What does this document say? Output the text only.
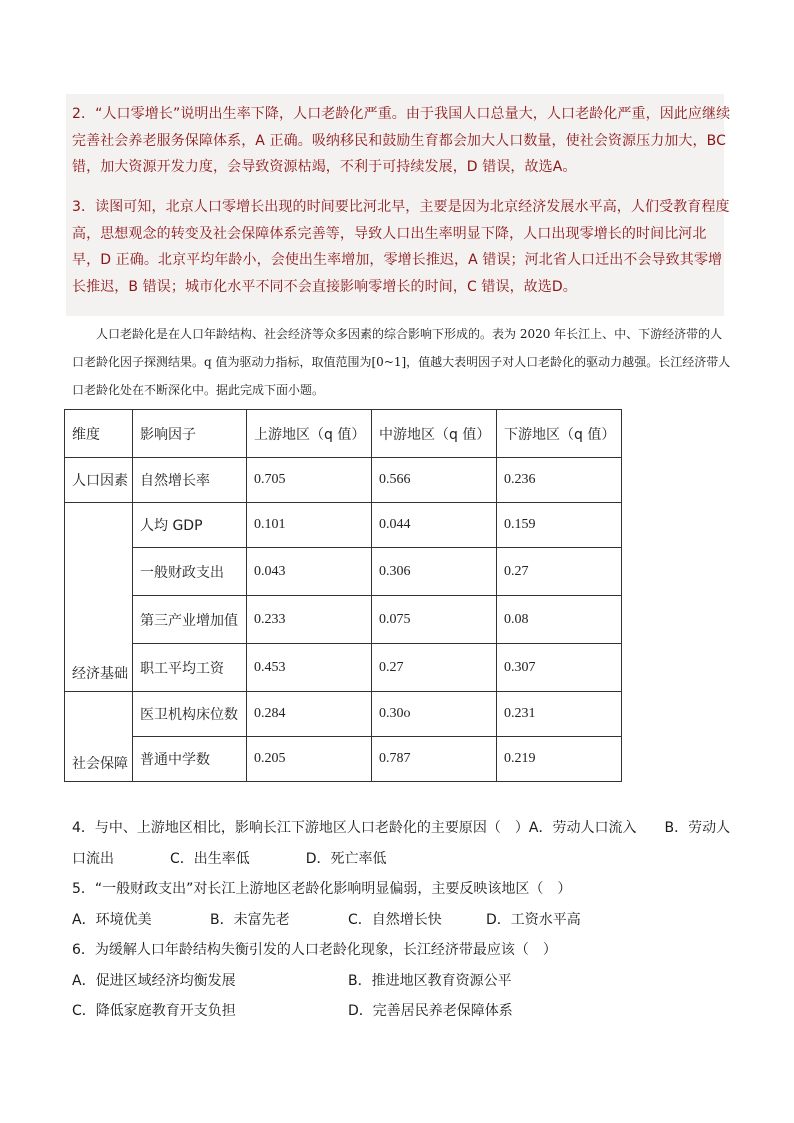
2．“人口零增长”说明出生率下降，人口老龄化严重。由于我国人口总量大，人口老龄化严重，因此应继续完善社会养老服务保障体系，A 正确。吸纳移民和鼓励生育都会加大人口数量，使社会资源压力加大，BC 错，加大资源开发力度，会导致资源枯竭，不利于可持续发展，D 错误，故选A。

3．读图可知，北京人口零增长出现的时间要比河北早，主要是因为北京经济发展水平高，人们受教育程度高，思想观念的转变及社会保障体系完善等，导致人口出生率明显下降，人口出现零增长的时间比河北早，D 正确。北京平均年龄小，会使出生率增加，零增长推迟，A 错误；河北省人口迁出不会导致其零增长推迟，B 错误；城市化水平不同不会直接影响零增长的时间，C 错误，故选D。

人口老龄化是在人口年龄结构、社会经济等众多因素的综合影响下形成的。表为 2020 年长江上、中、下游经济带的人口老龄化因子探测结果。q 值为驱动力指标，取值范围为[0~1]，值越大表明因子对人口老龄化的驱动力越强。长江经济带人口老龄化处在不断深化中。据此完成下面小题。

维度	影响因子	上游地区（q 值）	中游地区（q 值）	下游地区（q 值）
人口因素	自然增长率	0.705	0.566	0.236
经济基础	人均 GDP	0.101	0.044	0.159
	一般财政支出	0.043	0.306	0.27
	第三产业增加值	0.233	0.075	0.08
	职工平均工资	0.453	0.27	0.307
社会保障	医卫机构床位数	0.284	0.30o	0.231
	普通中学数	0.205	0.787	0.219

4．与中、上游地区相比，影响长江下游地区人口老龄化的主要原因（　）A．劳动人口流入 B．劳动人口流出	C．出生率低	D．死亡率低

5．“一般财政支出”对长江上游地区老龄化影响明显偏弱，主要反映该地区（　）

A．环境优美	B．未富先老	C．自然增长快	D．工资水平高

6．为缓解人口年龄结构失衡引发的人口老龄化现象，长江经济带最应该（　）

A．促进区域经济均衡发展	B．推进地区教育资源公平
C．降低家庭教育开支负担	D．完善居民养老保障体系
